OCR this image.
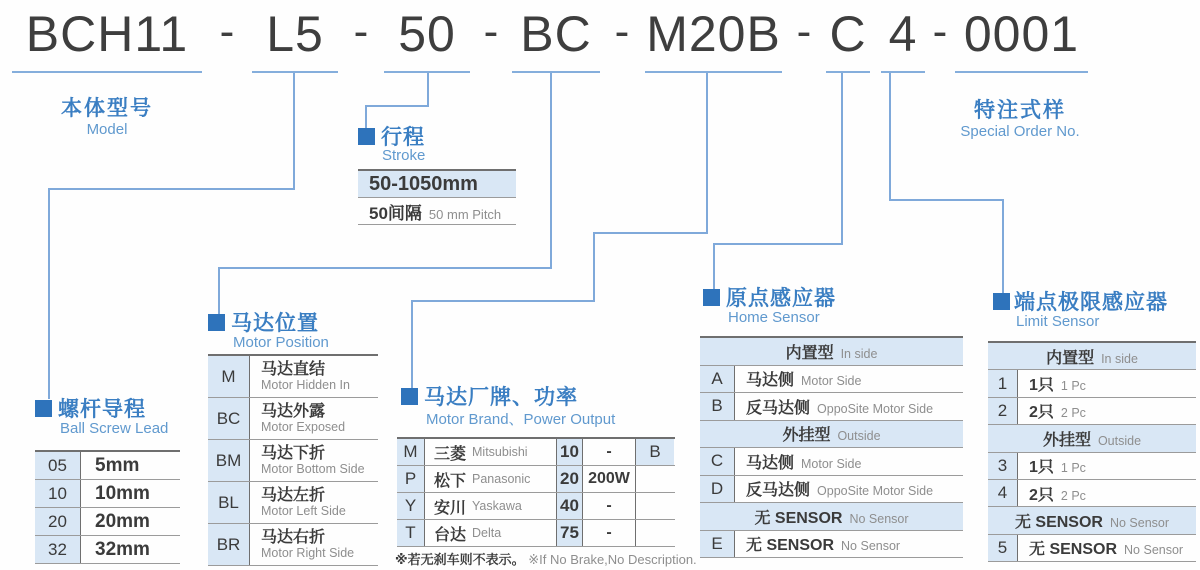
BCH11 L5 50 BC M20B C 4 0001
-	-	-	-	-	-
本体型号
Model
特注式样
Special Order No.
行程
Stroke
50-1050mm
50间隔 50 mm Pitch
螺杆导程
Ball Screw Lead
05	5mm
10	10mm
20	20mm
32	32mm
马达位置
Motor Position
M	马达直结
Motor Hidden In
BC	马达外露
Motor Exposed
BM	马达下折
Motor Bottom Side
BL	马达左折
Motor Left Side
BR	马达右折
Motor Right Side
马达厂牌、功率
Motor Brand、Power Output
M	三菱 Mitsubishi 10	-	B
P	松下 Panasonic 20 200W
Y	安川 Yaskawa 40	-
T	台达 Delta	75	-
※若无刹车则不表示。 ※If No Brake,No Description.
原点感应器
Home Sensor
内置型 In side
A	马达侧 Motor Side
B	反马达侧 OppoSite Motor Side
外挂型 Outside
C	马达侧 Motor Side
D	反马达侧 OppoSite Motor Side
无 SENSOR No Sensor
E	无 SENSOR No Sensor
端点极限感应器
Limit Sensor
内置型 In side
1	1只 1 Pc
2	2只 2 Pc
外挂型 Outside
3	1只 1 Pc
4	2只 2 Pc
无 SENSOR No Sensor
5	无 SENSOR No Sensor
